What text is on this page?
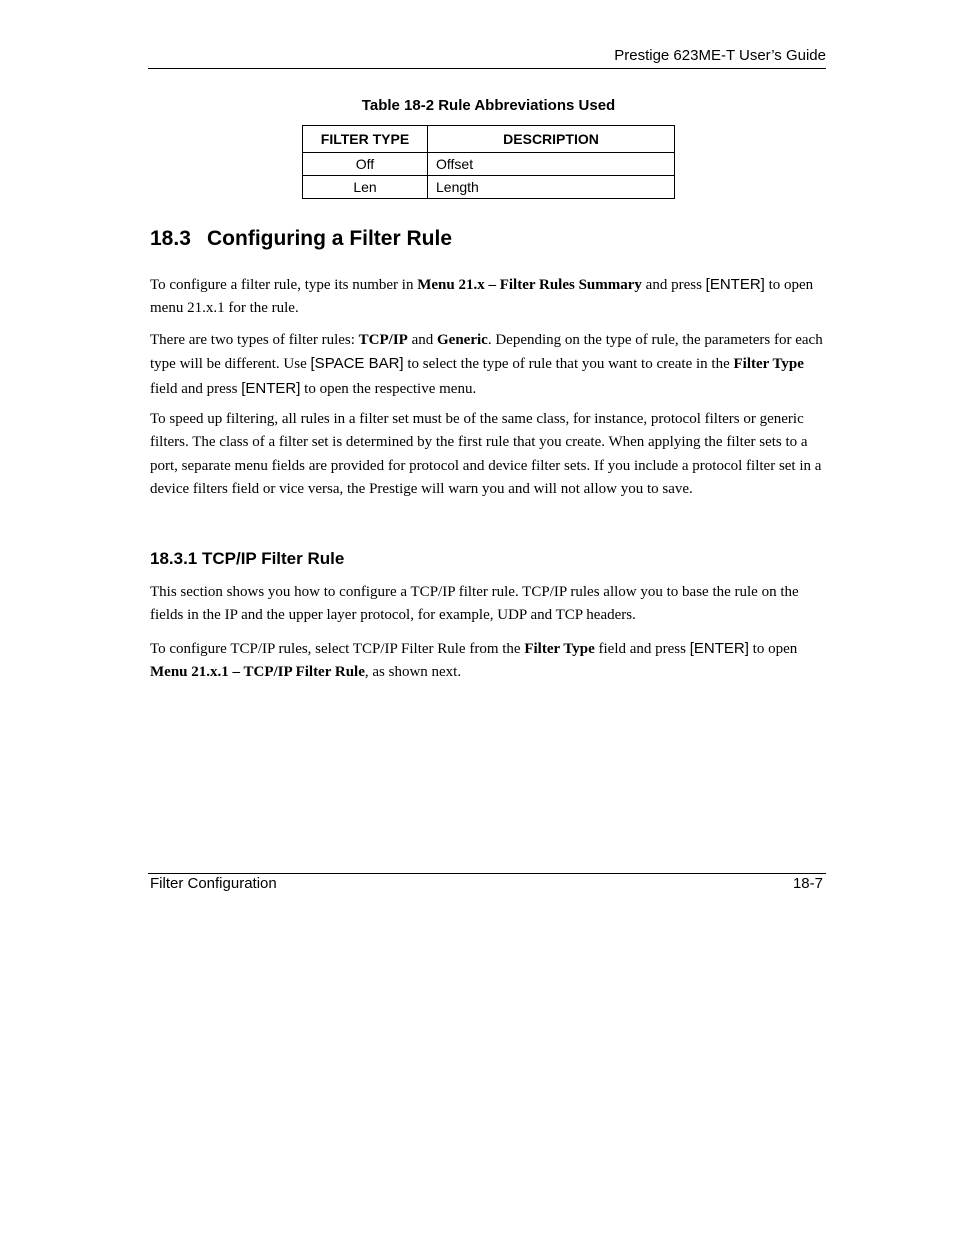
Prestige 623ME-T User’s Guide
Table 18-2 Rule Abbreviations Used
FILTER TYPE	DESCRIPTION
Off	Offset
Len	Length
18.3 Configuring a Filter Rule

To configure a filter rule, type its number in Menu 21.x – Filter Rules Summary and press [ENTER] to open menu 21.x.1 for the rule.

There are two types of filter rules: TCP/IP and Generic. Depending on the type of rule, the parameters for each type will be different. Use [SPACE BAR] to select the type of rule that you want to create in the Filter Type field and press [ENTER] to open the respective menu.

To speed up filtering, all rules in a filter set must be of the same class, for instance, protocol filters or generic filters. The class of a filter set is determined by the first rule that you create. When applying the filter sets to a port, separate menu fields are provided for protocol and device filter sets. If you include a protocol filter set in a device filters field or vice versa, the Prestige will warn you and will not allow you to save.

18.3.1 TCP/IP Filter Rule

This section shows you how to configure a TCP/IP filter rule. TCP/IP rules allow you to base the rule on the fields in the IP and the upper layer protocol, for example, UDP and TCP headers.

To configure TCP/IP rules, select TCP/IP Filter Rule from the Filter Type field and press [ENTER] to open Menu 21.x.1 – TCP/IP Filter Rule, as shown next.

Filter Configuration	18-7
